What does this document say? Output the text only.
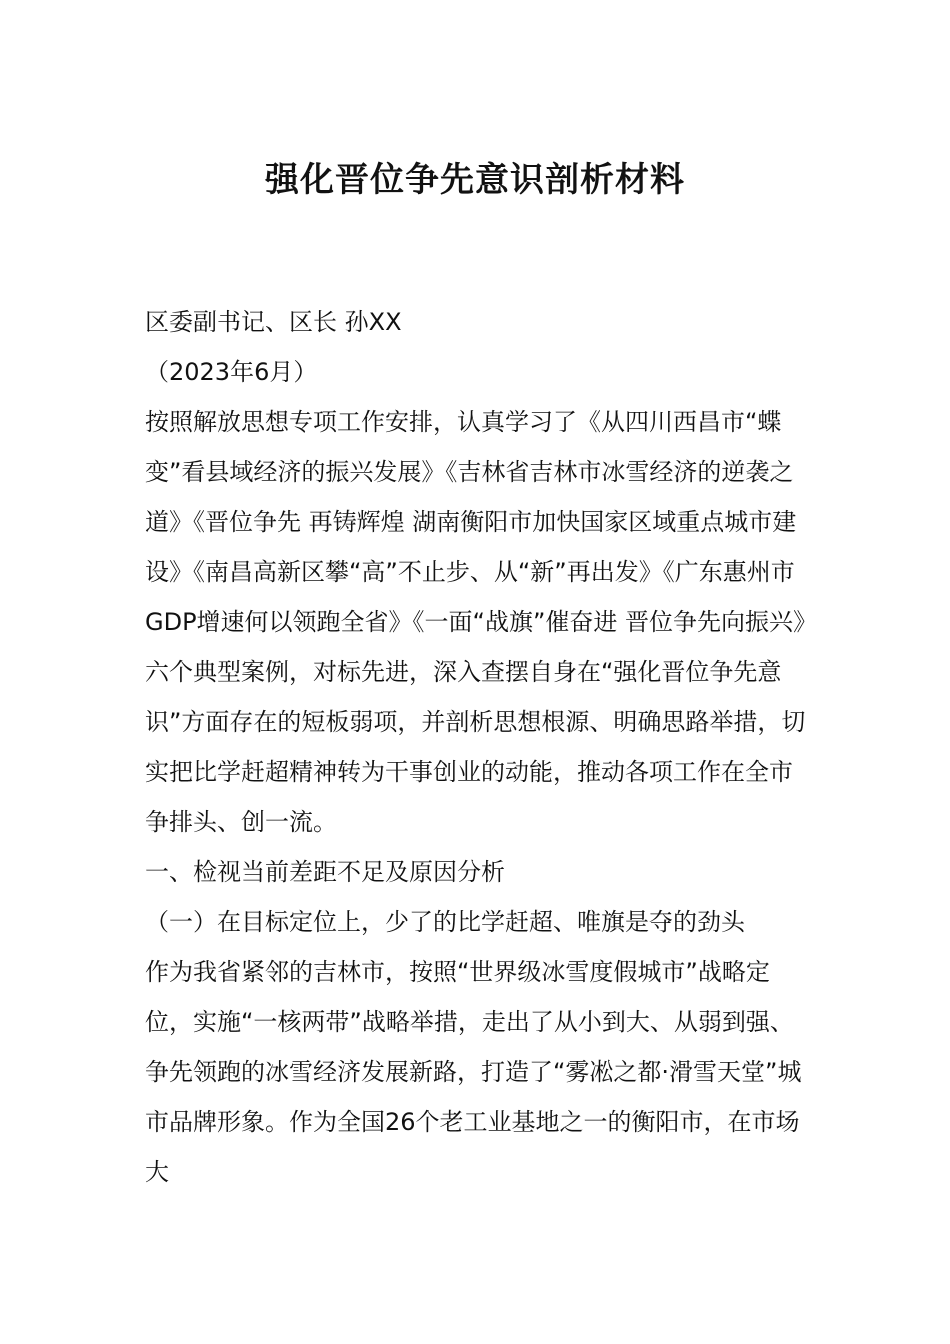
强化晋位争先意识剖析材料

区委副书记、区长 孙XX

（2023年6月）

按照解放思想专项工作安排，认真学习了《从四川西昌市“蝶变”看县域经济的振兴发展》《吉林省吉林市冰雪经济的逆袭之道》《晋位争先 再铸辉煌 湖南衡阳市加快国家区域重点城市建设》《南昌高新区攀“高”不止步、从“新”再出发》《广东惠州市GDP增速何以领跑全省》《一面“战旗”催奋进 晋位争先向振兴》六个典型案例，对标先进，深入查摆自身在“强化晋位争先意识”方面存在的短板弱项，并剖析思想根源、明确思路举措，切实把比学赶超精神转为干事创业的动能，推动各项工作在全市争排头、创一流。

一、检视当前差距不足及原因分析

（一）在目标定位上，少了的比学赶超、唯旗是夺的劲头

作为我省紧邻的吉林市，按照“世界级冰雪度假城市”战略定位，实施“一核两带”战略举措，走出了从小到大、从弱到强、争先领跑的冰雪经济发展新路，打造了“雾凇之都·滑雪天堂”城市品牌形象。作为全国26个老工业基地之一的衡阳市，在市场大
